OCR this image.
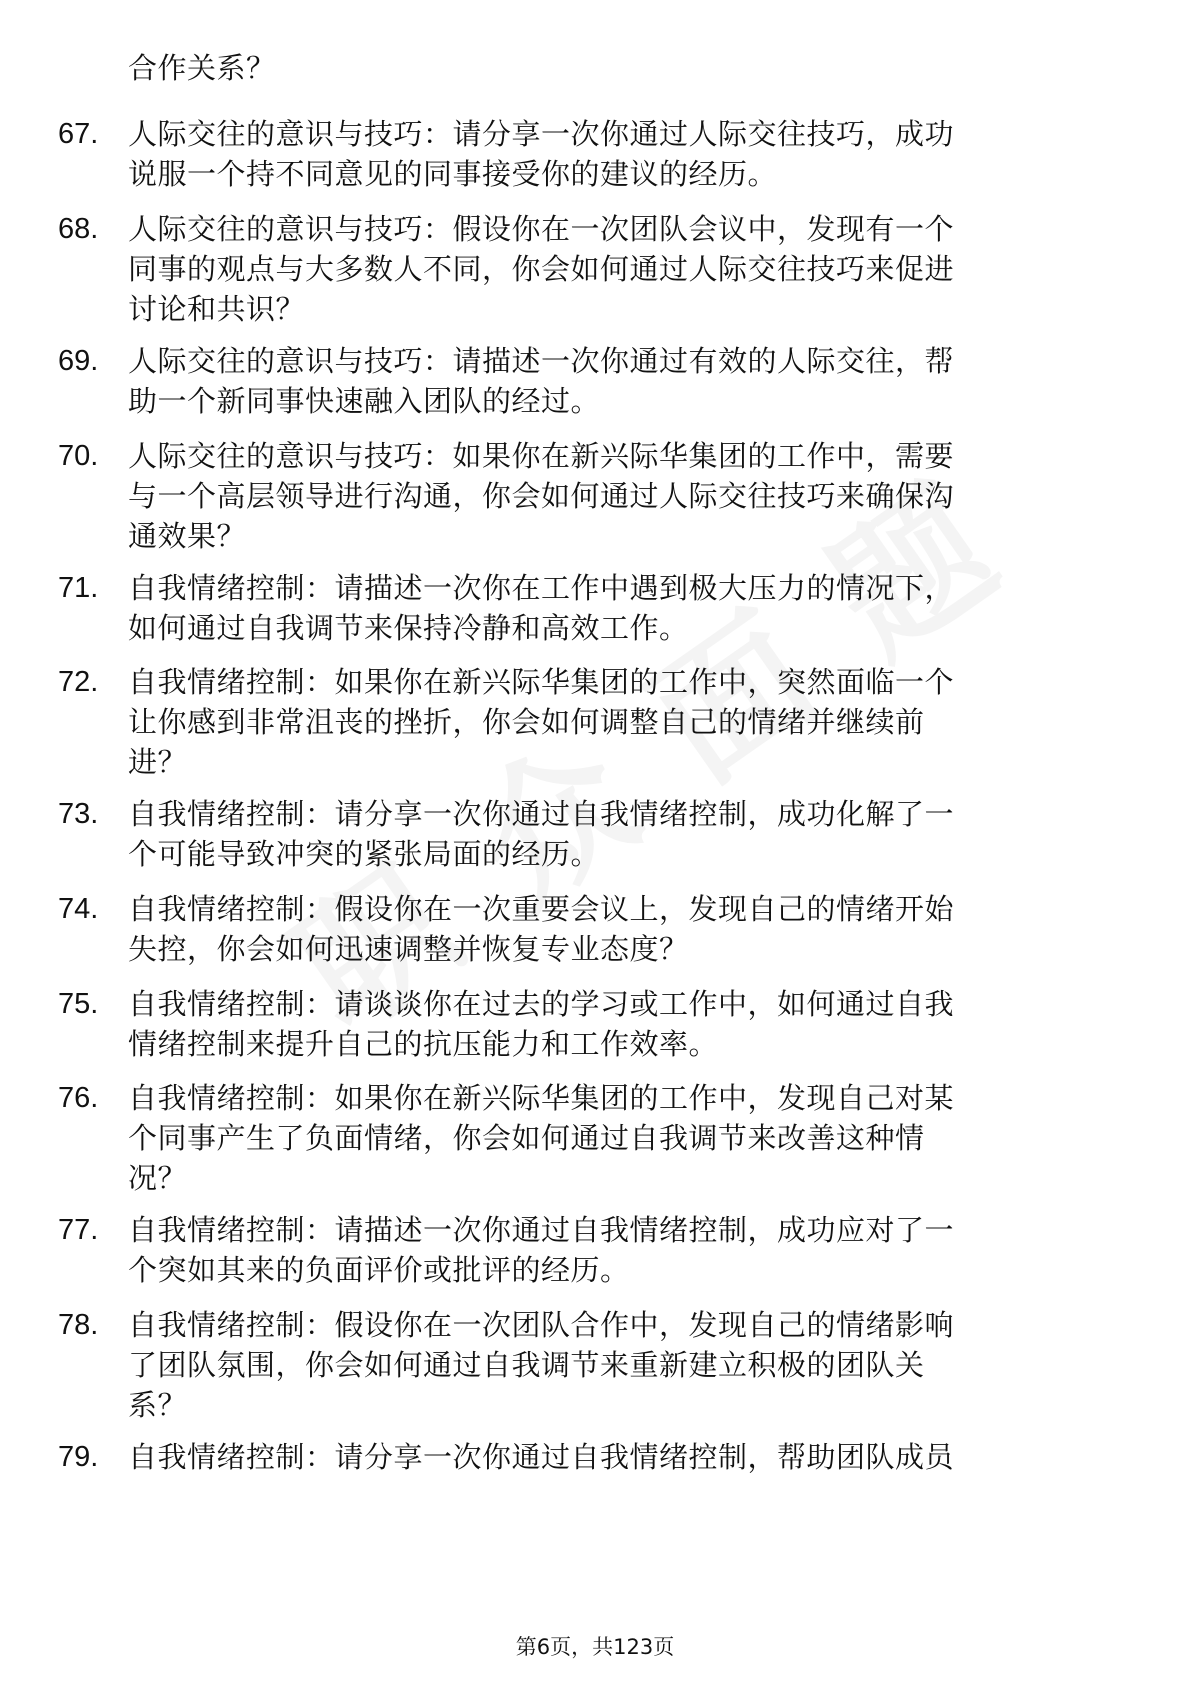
合作关系？
67.	人际交往的意识与技巧：请分享一次你通过人际交往技巧，成功
说服一个持不同意见的同事接受你的建议的经历。
68.	人际交往的意识与技巧：假设你在一次团队会议中，发现有一个
同事的观点与大多数人不同，你会如何通过人际交往技巧来促进
讨论和共识？
69.	人际交往的意识与技巧：请描述一次你通过有效的人际交往，帮
助一个新同事快速融入团队的经过。
70.	人际交往的意识与技巧：如果你在新兴际华集团的工作中，需要
与一个高层领导进行沟通，你会如何通过人际交往技巧来确保沟
通效果？
71.	自我情绪控制：请描述一次你在工作中遇到极大压力的情况下，
如何通过自我调节来保持冷静和高效工作。
72.	自我情绪控制：如果你在新兴际华集团的工作中，突然面临一个
让你感到非常沮丧的挫折，你会如何调整自己的情绪并继续前
进？
73.	自我情绪控制：请分享一次你通过自我情绪控制，成功化解了一
个可能导致冲突的紧张局面的经历。
74.	自我情绪控制：假设你在一次重要会议上，发现自己的情绪开始
失控，你会如何迅速调整并恢复专业态度？
75.	自我情绪控制：请谈谈你在过去的学习或工作中，如何通过自我
情绪控制来提升自己的抗压能力和工作效率。
76.	自我情绪控制：如果你在新兴际华集团的工作中，发现自己对某
个同事产生了负面情绪，你会如何通过自我调节来改善这种情
况？
77.	自我情绪控制：请描述一次你通过自我情绪控制，成功应对了一
个突如其来的负面评价或批评的经历。
78.	自我情绪控制：假设你在一次团队合作中，发现自己的情绪影响
了团队氛围，你会如何通过自我调节来重新建立积极的团队关
系？
79.	自我情绪控制：请分享一次你通过自我情绪控制，帮助团队成员
第6页，共123页
